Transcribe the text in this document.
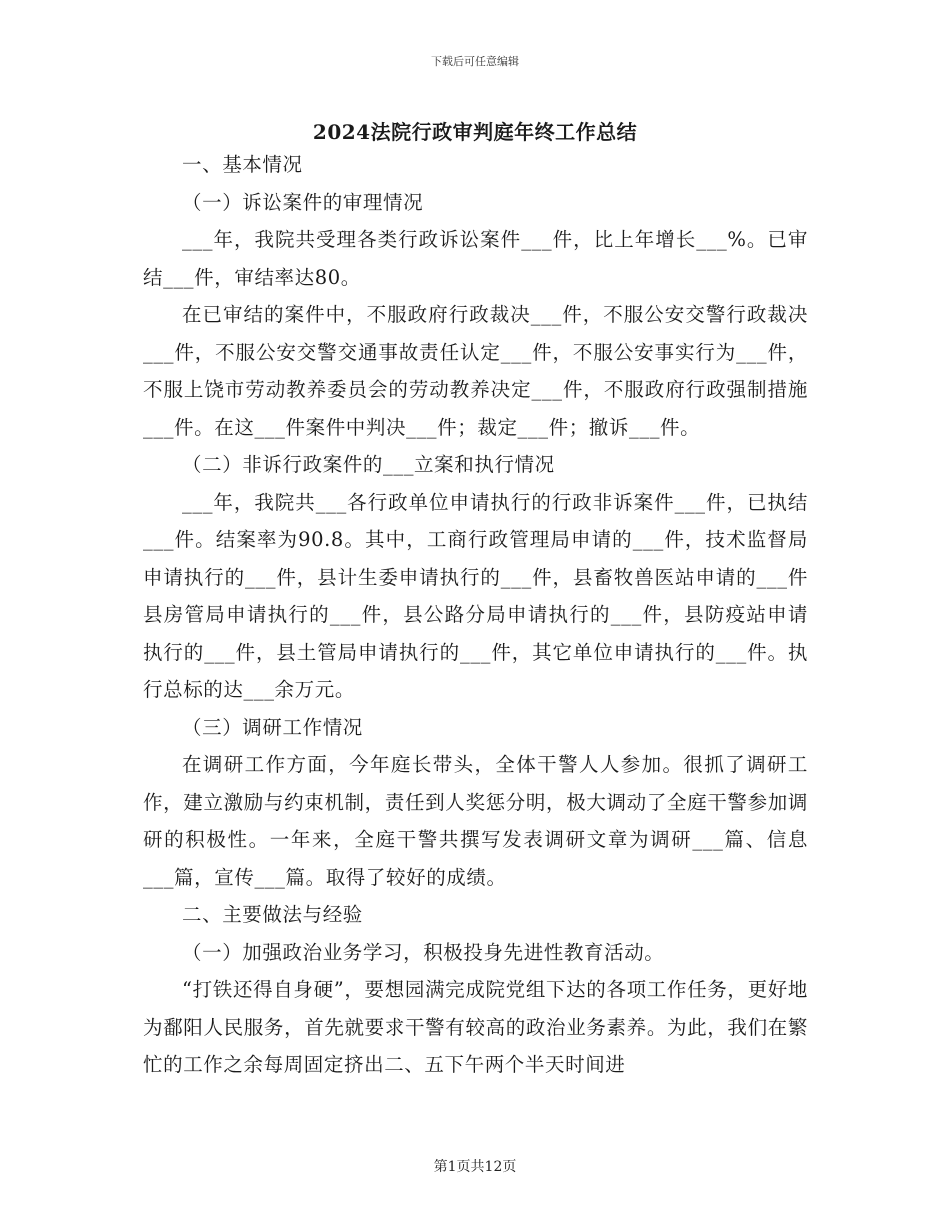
下载后可任意编辑
2024法院行政审判庭年终工作总结

一、基本情况

（一）诉讼案件的审理情况

___年，我院共受理各类行政诉讼案件___件，比上年增长___%。已审结___件，审结率达80。

在已审结的案件中，不服政府行政裁决___件，不服公安交警行政裁决___件，不服公安交警交通事故责任认定___件，不服公安事实行为___件，不服上饶市劳动教养委员会的劳动教养决定___件，不服政府行政强制措施___件。在这___件案件中判决___件；裁定___件；撤诉___件。

（二）非诉行政案件的___立案和执行情况

___年，我院共___各行政单位申请执行的行政非诉案件___件，已执结___件。结案率为90.8。其中，工商行政管理局申请的___件，技术监督局申请执行的___件，县计生委申请执行的___件，县畜牧兽医站申请的___件县房管局申请执行的___件，县公路分局申请执行的___件，县防疫站申请执行的___件，县土管局申请执行的___件，其它单位申请执行的___件。执行总标的达___余万元。

（三）调研工作情况

在调研工作方面，今年庭长带头，全体干警人人参加。很抓了调研工作，建立激励与约束机制，责任到人奖惩分明，极大调动了全庭干警参加调研的积极性。一年来，全庭干警共撰写发表调研文章为调研___篇、信息___篇，宣传___篇。取得了较好的成绩。

二、主要做法与经验

（一）加强政治业务学习，积极投身先进性教育活动。

“打铁还得自身硬”，要想园满完成院党组下达的各项工作任务，更好地为鄱阳人民服务，首先就要求干警有较高的政治业务素养。为此，我们在繁忙的工作之余每周固定挤出二、五下午两个半天时间进

第1页共12页
